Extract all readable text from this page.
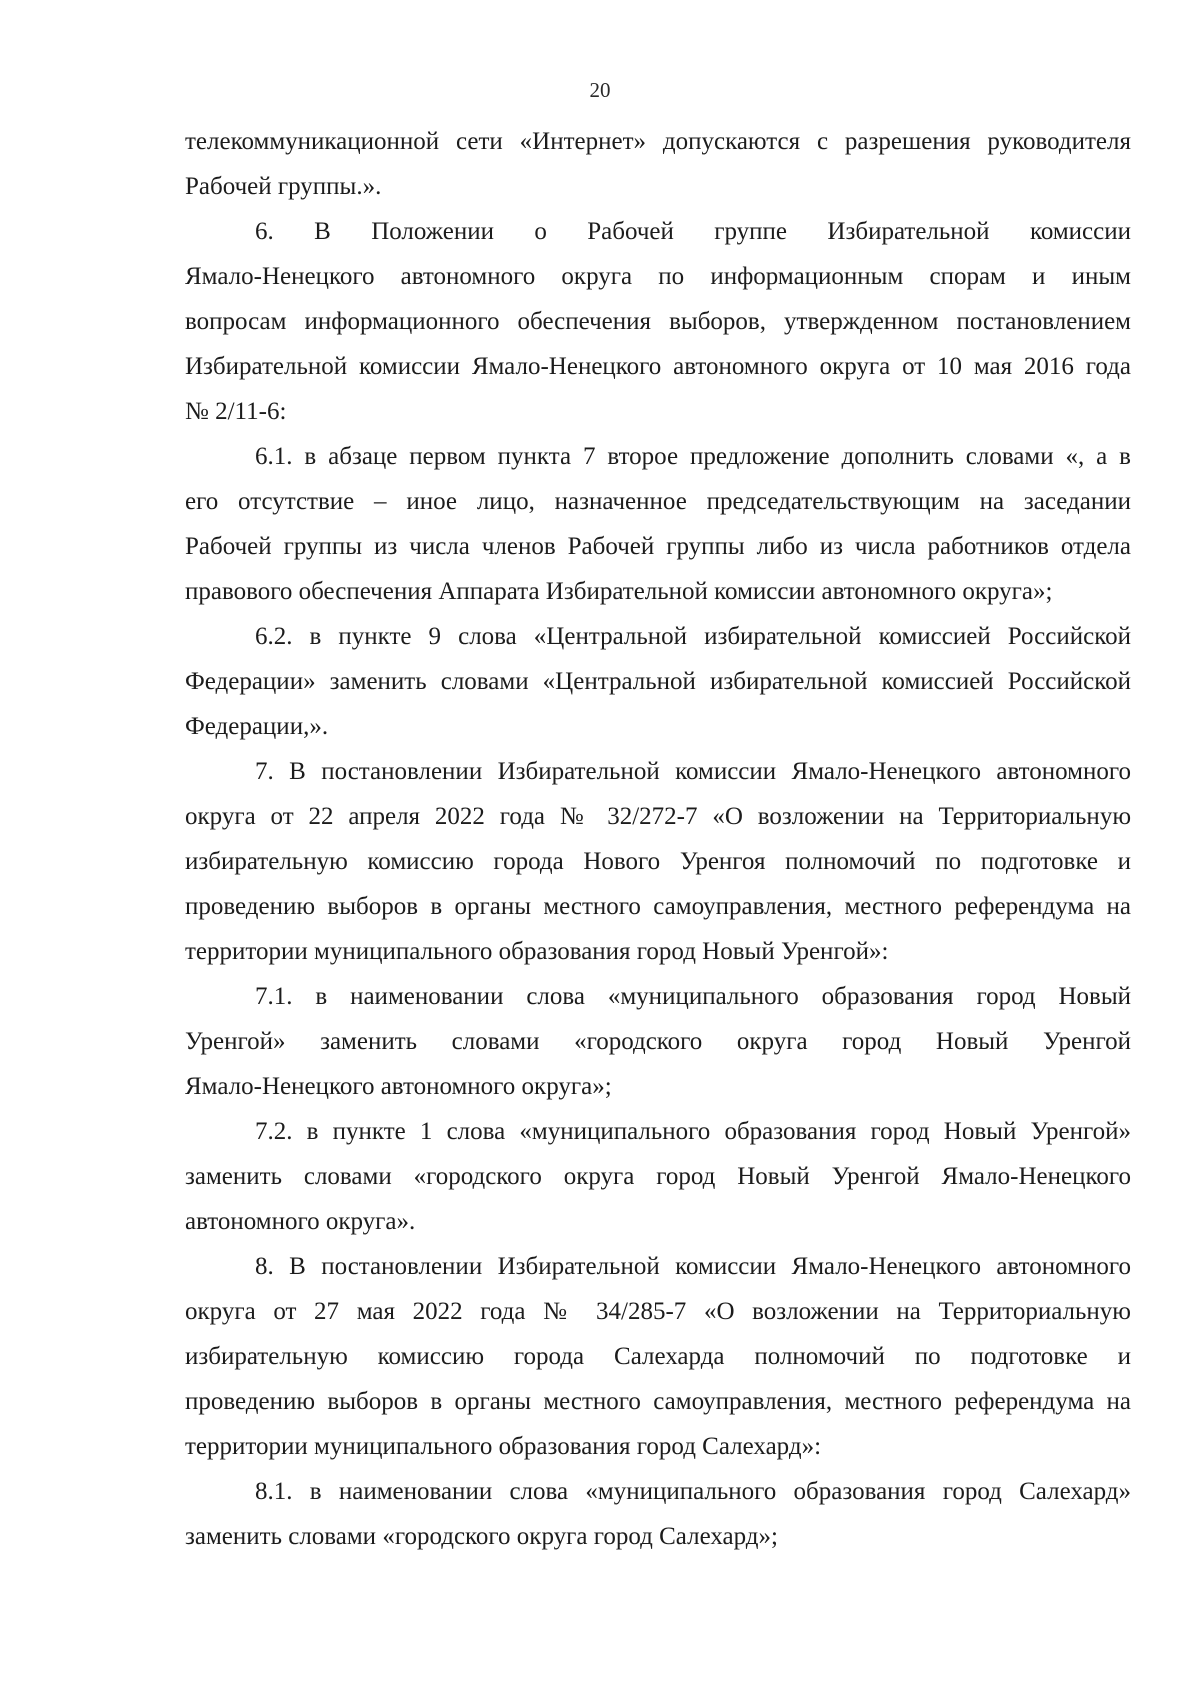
20
телекоммуникационной сети «Интернет» допускаются с разрешения руководителя
Рабочей группы.».
6. В Положении о Рабочей группе Избирательной комиссии
Ямало-Ненецкого автономного округа по информационным спорам и иным
вопросам информационного обеспечения выборов, утвержденном постановлением
Избирательной комиссии Ямало-Ненецкого автономного округа от 10 мая 2016 года
№ 2/11-6:
6.1. в абзаце первом пункта 7 второе предложение дополнить словами «, а в
его отсутствие – иное лицо, назначенное председательствующим на заседании
Рабочей группы из числа членов Рабочей группы либо из числа работников отдела
правового обеспечения Аппарата Избирательной комиссии автономного округа»;
6.2. в пункте 9 слова «Центральной избирательной комиссией Российской
Федерации» заменить словами «Центральной избирательной комиссией Российской
Федерации,».
7. В постановлении Избирательной комиссии Ямало-Ненецкого автономного
округа от 22 апреля 2022 года № 32/272-7 «О возложении на Территориальную
избирательную комиссию города Нового Уренгоя полномочий по подготовке и
проведению выборов в органы местного самоуправления, местного референдума на
территории муниципального образования город Новый Уренгой»:
7.1. в наименовании слова «муниципального образования город Новый
Уренгой» заменить словами «городского округа город Новый Уренгой
Ямало-Ненецкого автономного округа»;
7.2. в пункте 1 слова «муниципального образования город Новый Уренгой»
заменить словами «городского округа город Новый Уренгой Ямало-Ненецкого
автономного округа».
8. В постановлении Избирательной комиссии Ямало-Ненецкого автономного
округа от 27 мая 2022 года № 34/285-7 «О возложении на Территориальную
избирательную комиссию города Салехарда полномочий по подготовке и
проведению выборов в органы местного самоуправления, местного референдума на
территории муниципального образования город Салехард»:
8.1. в наименовании слова «муниципального образования город Салехард»
заменить словами «городского округа город Салехард»;
